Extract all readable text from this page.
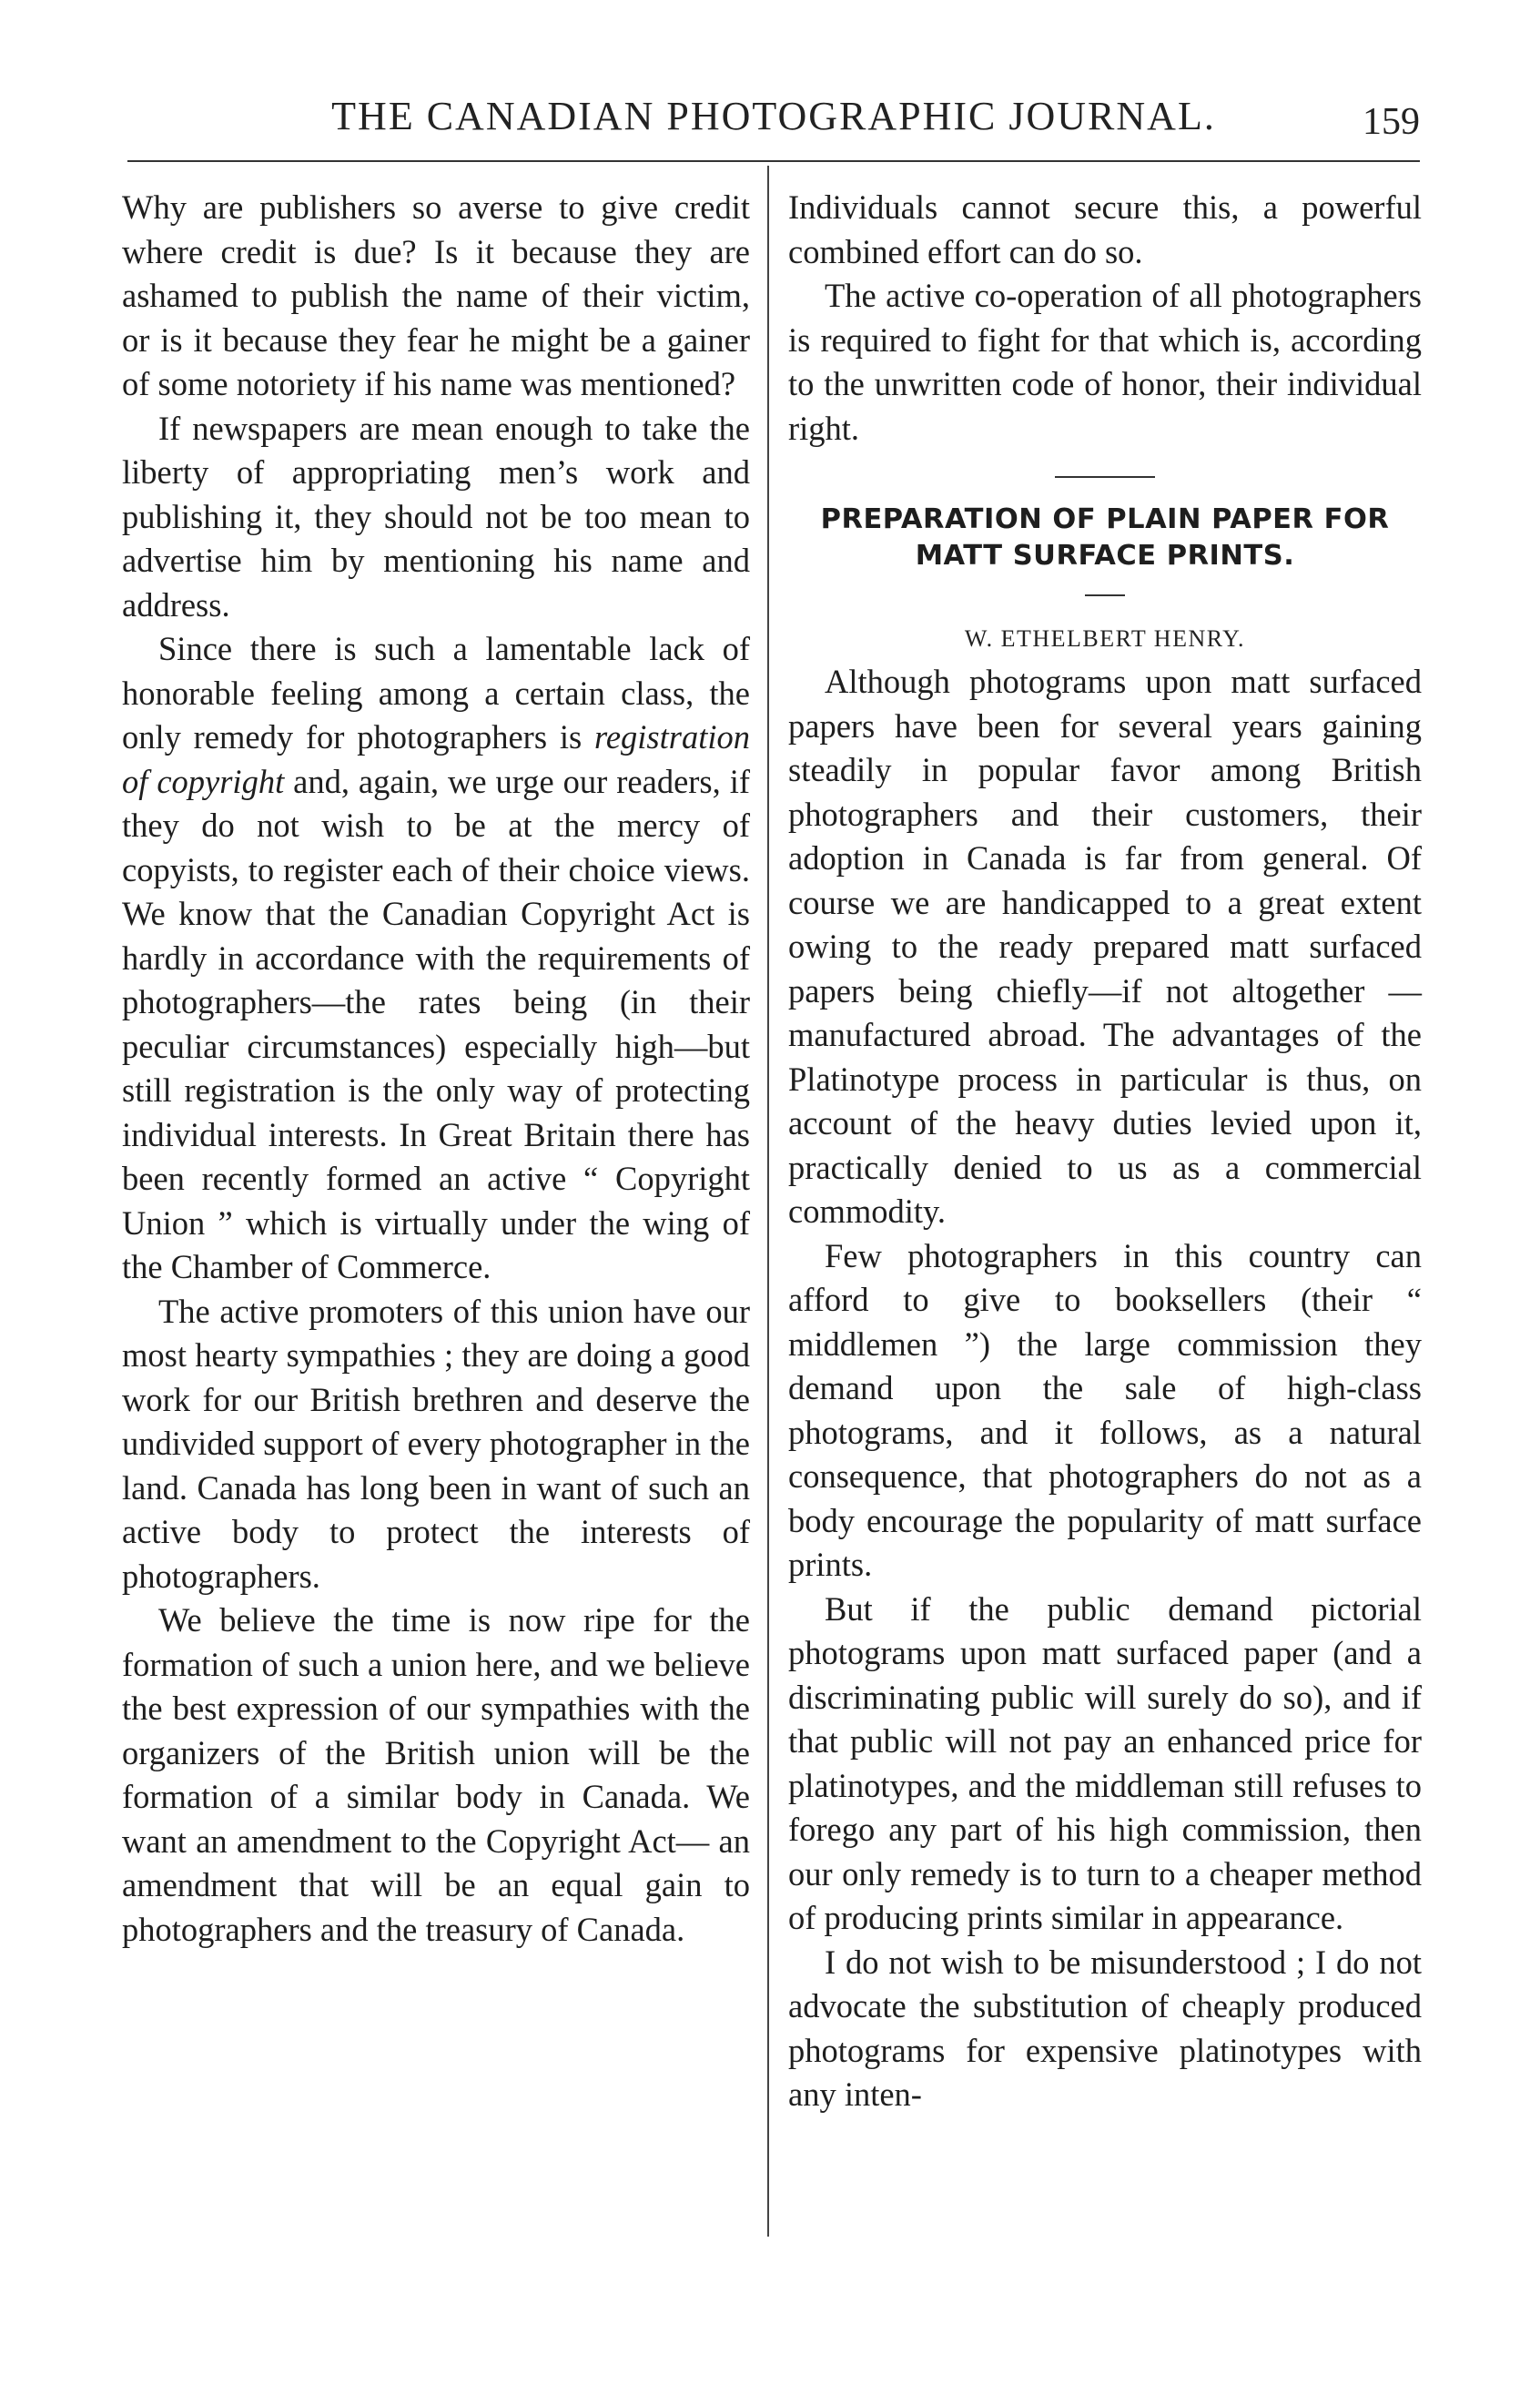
THE CANADIAN PHOTOGRAPHIC JOURNAL.	159

Why are publishers so averse to give credit where credit is due? Is it because they are ashamed to publish the name of their victim, or is it because they fear he might be a gainer of some notoriety if his name was mentioned?

If newspapers are mean enough to take the liberty of appropriating men’s work and publishing it, they should not be too mean to advertise him by mentioning his name and address.

Since there is such a lamentable lack of honorable feeling among a certain class, the only remedy for photographers is registration of copyright and, again, we urge our readers, if they do not wish to be at the mercy of copyists, to register each of their choice views. We know that the Canadian Copyright Act is hardly in accordance with the requirements of photographers—the rates being (in their peculiar circumstances) especially high—but still registration is the only way of protecting individual interests. In Great Britain there has been recently formed an active “ Copyright Union ” which is virtually under the wing of the Chamber of Commerce.

The active promoters of this union have our most hearty sympathies ; they are doing a good work for our British brethren and deserve the undivided support of every photographer in the land. Canada has long been in want of such an active body to protect the interests of photographers.

We believe the time is now ripe for the formation of such a union here, and we believe the best expression of our sympathies with the organizers of the British union will be the formation of a similar body in Canada. We want an amendment to the Copyright Act— an amendment that will be an equal gain to photographers and the treasury of Canada.

Individuals cannot secure this, a powerful combined effort can do so.

The active co-operation of all photographers is required to fight for that which is, according to the unwritten code of honor, their individual right.

PREPARATION OF PLAIN PAPER FOR MATT SURFACE PRINTS.
W. ETHELBERT HENRY.

Although photograms upon matt surfaced papers have been for several years gaining steadily in popular favor among British photographers and their customers, their adoption in Canada is far from general. Of course we are handicapped to a great extent owing to the ready prepared matt surfaced papers being chiefly—if not altogether —manufactured abroad. The advantages of the Platinotype process in particular is thus, on account of the heavy duties levied upon it, practically denied to us as a commercial commodity.

Few photographers in this country can afford to give to booksellers (their “ middlemen ”) the large commission they demand upon the sale of high-class photograms, and it follows, as a natural consequence, that photographers do not as a body encourage the popularity of matt surface prints.

But if the public demand pictorial photograms upon matt surfaced paper (and a discriminating public will surely do so), and if that public will not pay an enhanced price for platinotypes, and the middleman still refuses to forego any part of his high commission, then our only remedy is to turn to a cheaper method of producing prints similar in appearance.

I do not wish to be misunderstood ; I do not advocate the substitution of cheaply produced photograms for expensive platinotypes with any inten-
